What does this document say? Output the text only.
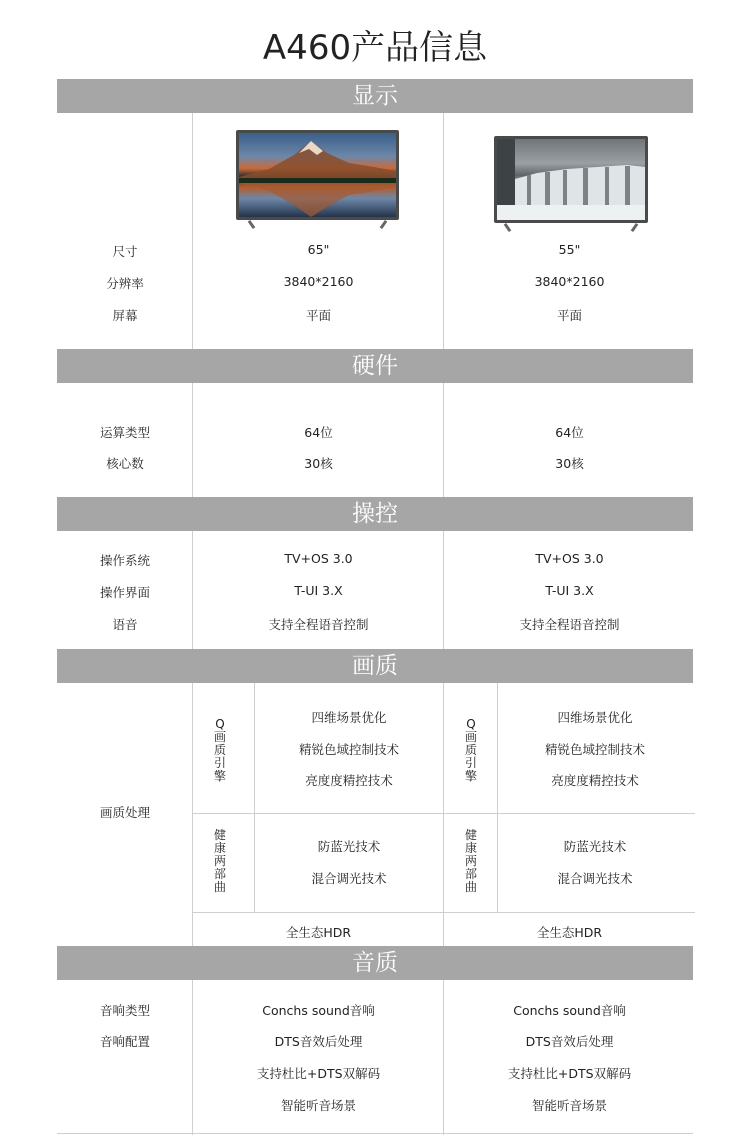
A460产品信息
显示
尺寸
分辨率
屏幕
65"
3840*2160
平面
55"
3840*2160
平面
硬件
运算类型
核心数
64位
30核
64位
30核
操控
操作系统
操作界面
语音
TV+OS 3.0
T-UI 3.X
支持全程语音控制
TV+OS 3.0
T-UI 3.X
支持全程语音控制
画质
画质处理
Q画质引擎
Q画质引擎
健康两部曲
健康两部曲
四维场景优化
精锐色域控制技术
亮度度精控技术
四维场景优化
精锐色域控制技术
亮度度精控技术
防蓝光技术
混合调光技术
防蓝光技术
混合调光技术
全生态HDR	全生态HDR
音质
音响类型
音响配置
Conchs sound音响
DTS音效后处理
支持杜比+DTS双解码
智能听音场景
Conchs sound音响
DTS音效后处理
支持杜比+DTS双解码
智能听音场景
